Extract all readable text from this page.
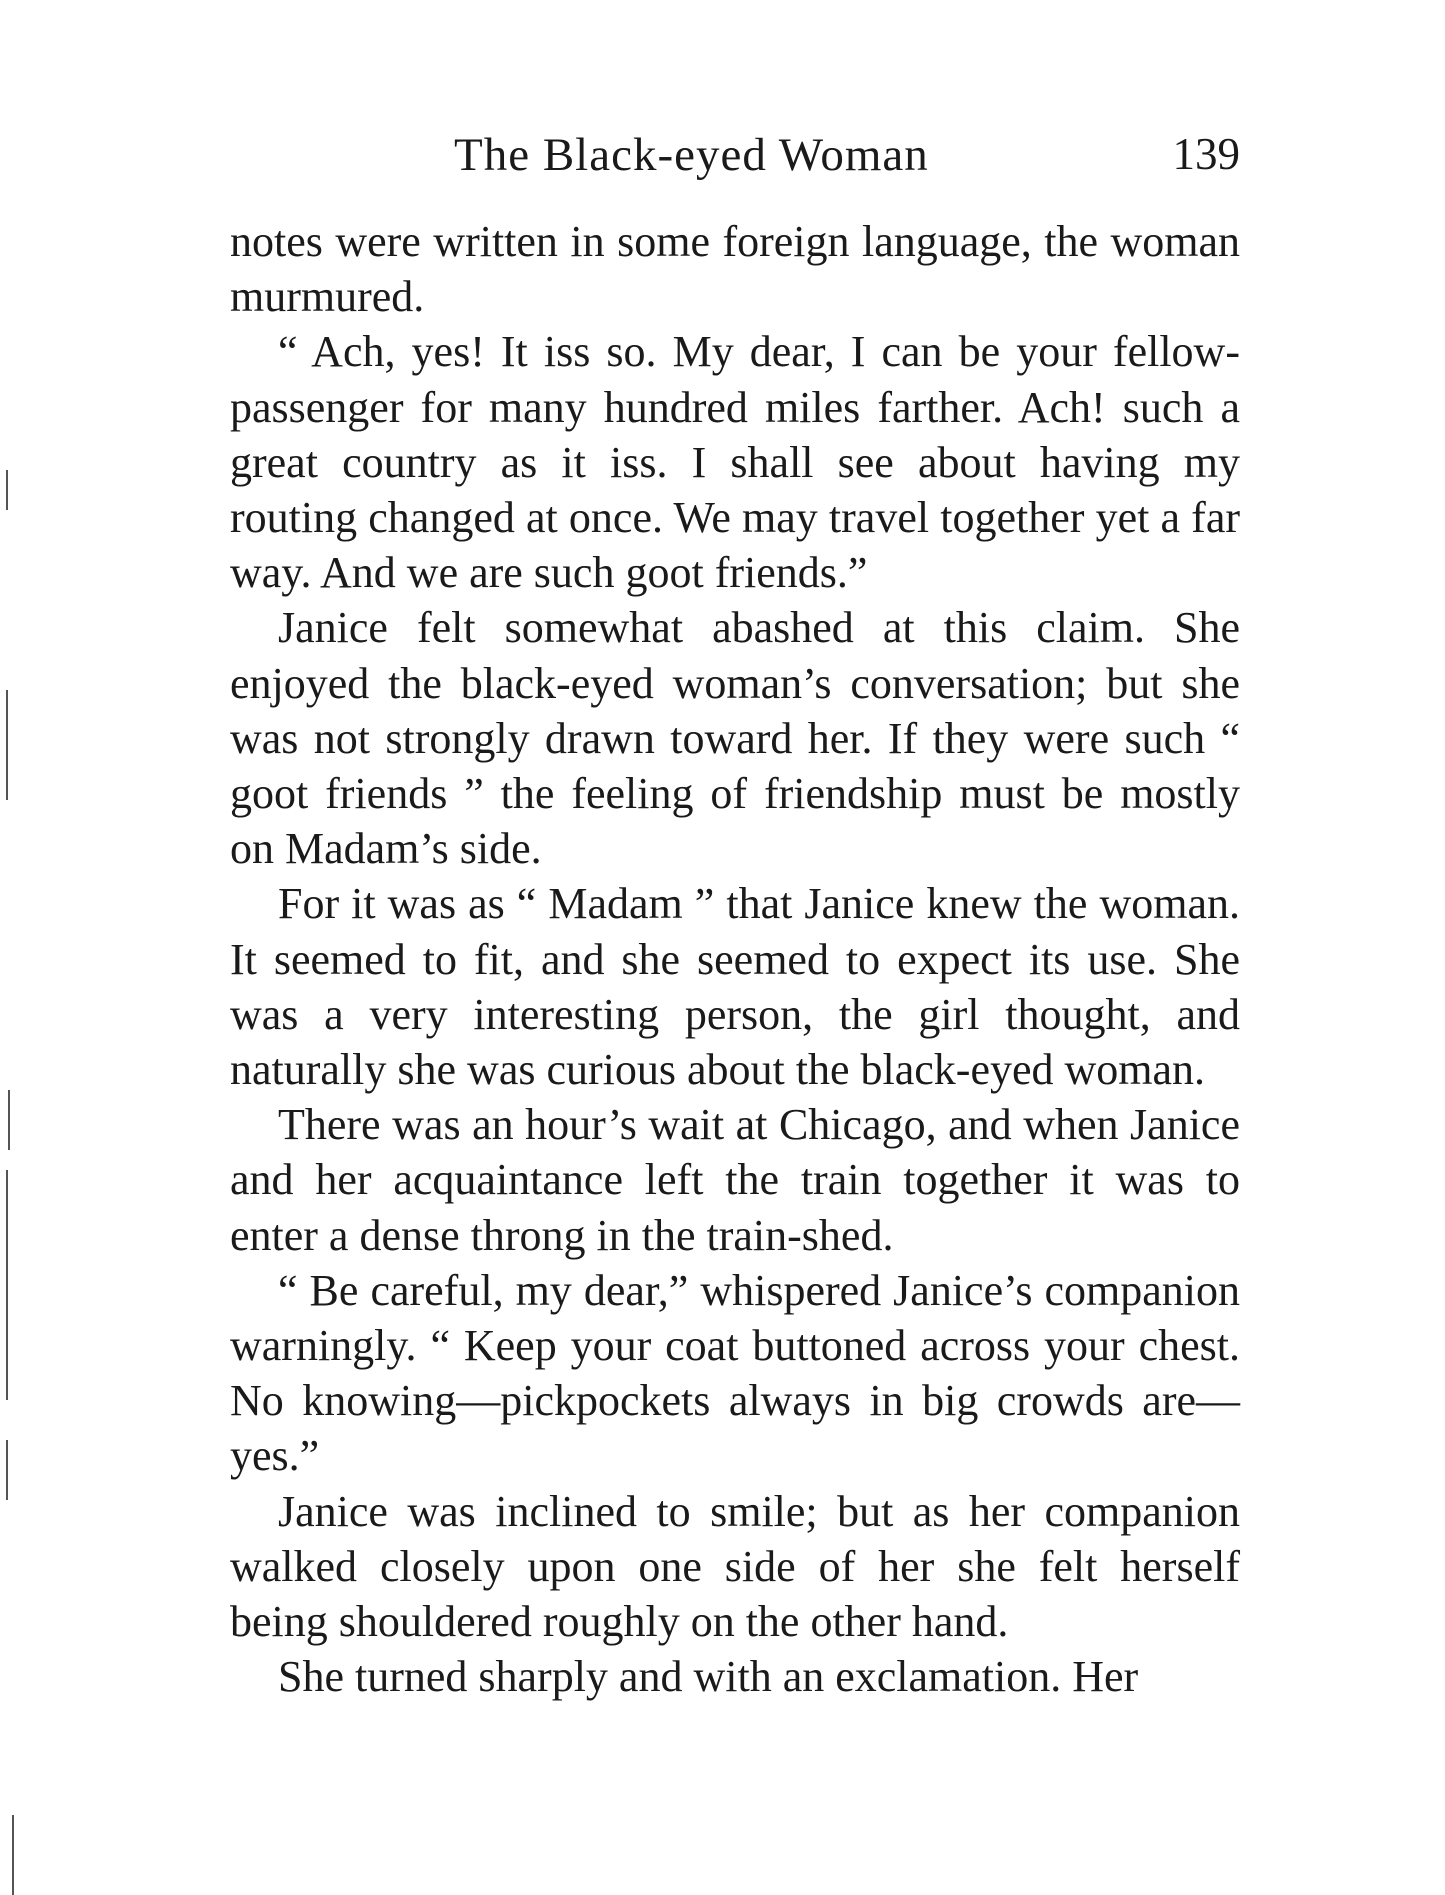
The Black-eyed Woman	139

notes were written in some foreign language, the woman murmured.

“ Ach, yes! It iss so. My dear, I can be your fellow-passenger for many hundred miles farther. Ach! such a great country as it iss. I shall see about having my routing changed at once. We may travel together yet a far way. And we are such goot friends.”

Janice felt somewhat abashed at this claim. She enjoyed the black-eyed woman’s conversation; but she was not strongly drawn toward her. If they were such “ goot friends ” the feeling of friendship must be mostly on Madam’s side.

For it was as “ Madam ” that Janice knew the woman. It seemed to fit, and she seemed to expect its use. She was a very interesting person, the girl thought, and naturally she was curious about the black-eyed woman.

There was an hour’s wait at Chicago, and when Janice and her acquaintance left the train together it was to enter a dense throng in the train-shed.

“ Be careful, my dear,” whispered Janice’s companion warningly. “ Keep your coat buttoned across your chest. No knowing—pickpockets always in big crowds are—yes.”

Janice was inclined to smile; but as her companion walked closely upon one side of her she felt herself being shouldered roughly on the other hand.

She turned sharply and with an exclamation. Her
